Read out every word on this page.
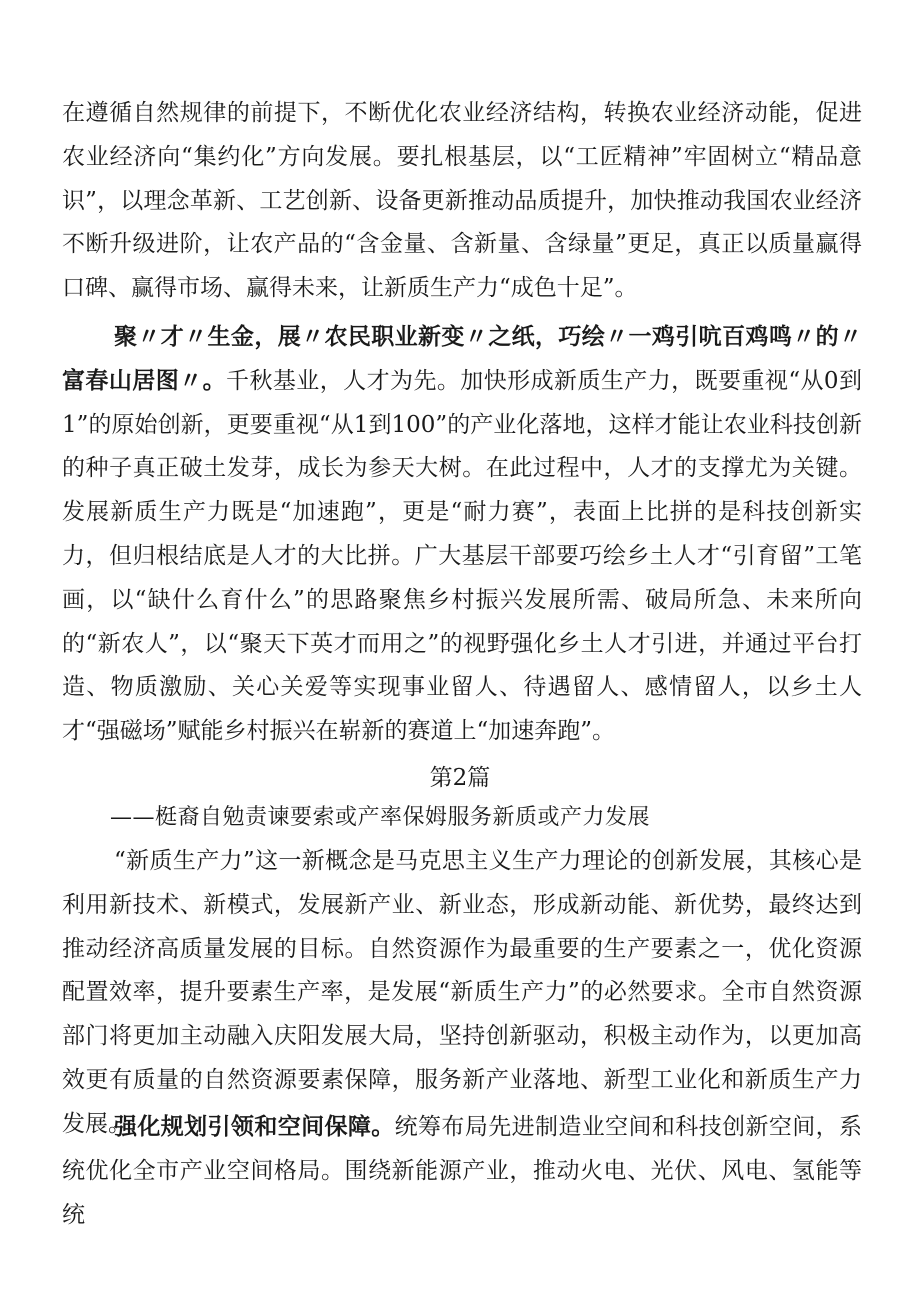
在遵循自然规律的前提下，不断优化农业经济结构，转换农业经济动能，促进农业经济向“集约化”方向发展。要扎根基层，以“工匠精神”牢固树立“精品意识”，以理念革新、工艺创新、设备更新推动品质提升，加快推动我国农业经济不断升级进阶，让农产品的“含金量、含新量、含绿量”更足，真正以质量赢得口碑、赢得市场、赢得未来，让新质生产力“成色十足”。

聚〃才〃生金，展〃农民职业新变〃之纸，巧绘〃一鸡引吭百鸡鸣〃的〃富春山居图〃。千秋基业，人才为先。加快形成新质生产力，既要重视“从0到1”的原始创新，更要重视“从1到100”的产业化落地，这样才能让农业科技创新的种子真正破土发芽，成长为参天大树。在此过程中，人才的支撑尤为关键。发展新质生产力既是“加速跑”，更是“耐力赛”，表面上比拼的是科技创新实力，但归根结底是人才的大比拼。广大基层干部要巧绘乡土人才“引育留”工笔画，以“缺什么育什么”的思路聚焦乡村振兴发展所需、破局所急、未来所向的“新农人”，以“聚天下英才而用之”的视野强化乡土人才引进，并通过平台打造、物质激励、关心关爱等实现事业留人、待遇留人、感情留人，以乡土人才“强磁场”赋能乡村振兴在崭新的赛道上“加速奔跑”。

第2篇

——梃裔自勉责谏要索或产率保姆服务新质或产力发展

“新质生产力”这一新概念是马克思主义生产力理论的创新发展，其核心是利用新技术、新模式，发展新产业、新业态，形成新动能、新优势，最终达到推动经济高质量发展的目标。自然资源作为最重要的生产要素之一，优化资源配置效率，提升要素生产率，是发展“新质生产力”的必然要求。全市自然资源部门将更加主动融入庆阳发展大局，坚持创新驱动，积极主动作为，以更加高效更有质量的自然资源要素保障，服务新产业落地、新型工业化和新质生产力发展。

强化规划引领和空间保障。统筹布局先进制造业空间和科技创新空间，系统优化全市产业空间格局。围绕新能源产业，推动火电、光伏、风电、氢能等统
